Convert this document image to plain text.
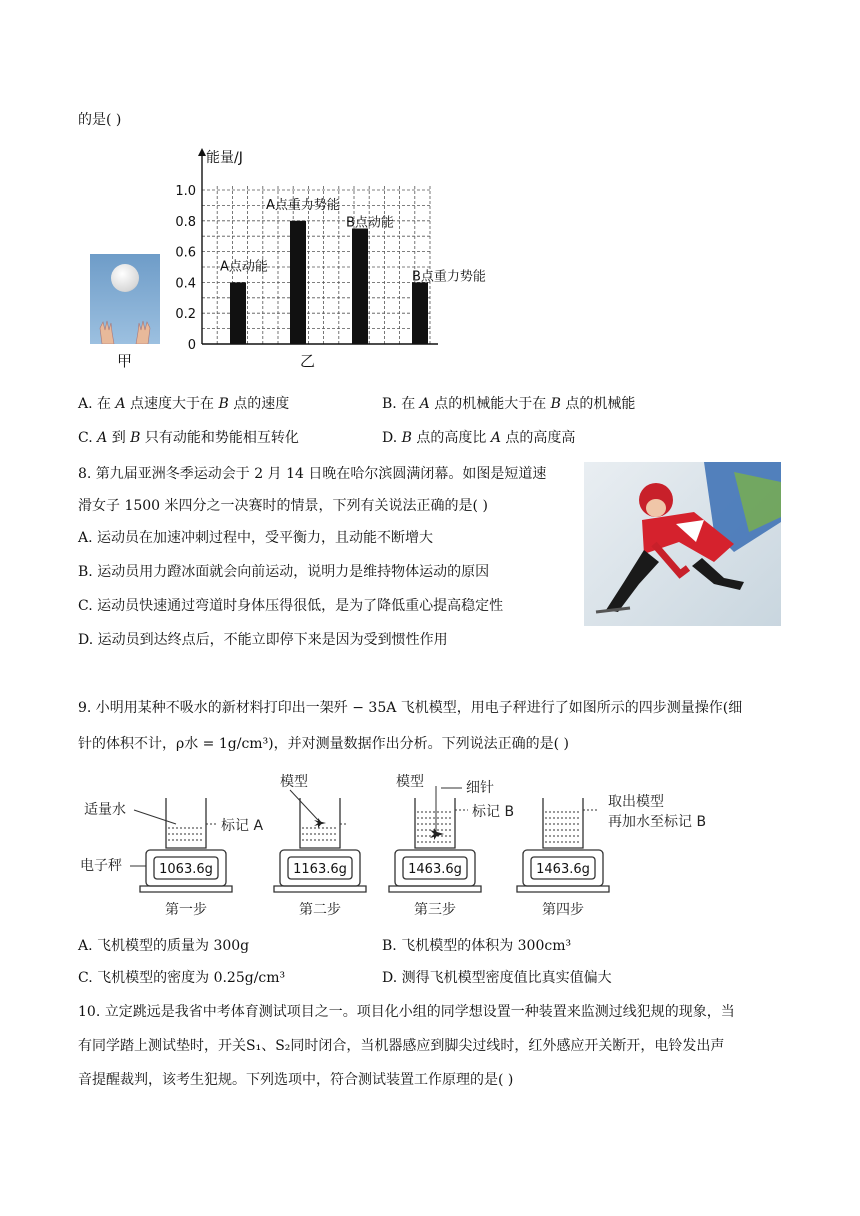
的是( )
甲
能量/J
0
0.2
0.4
0.6
0.8
1.0
A点动能
A点重力势能
B点动能
B点重力势能
乙
A. 在 A 点速度大于在 B 点的速度	B. 在 A 点的机械能大于在 B 点的机械能
C. A 到 B 只有动能和势能相互转化	D. B 点的高度比 A 点的高度高
8. 第九届亚洲冬季运动会于 2 月 14 日晚在哈尔滨圆满闭幕。如图是短道速
滑女子 1500 米四分之一决赛时的情景，下列有关说法正确的是( )
A. 运动员在加速冲刺过程中，受平衡力，且动能不断增大
B. 运动员用力蹬冰面就会向前运动，说明力是维持物体运动的原因
C. 运动员快速通过弯道时身体压得很低，是为了降低重心提高稳定性
D. 运动员到达终点后，不能立即停下来是因为受到惯性作用
9. 小明用某种不吸水的新材料打印出一架歼 − 35A 飞机模型，用电子秤进行了如图所示的四步测量操作(细
针的体积不计，ρ水 = 1g/cm³)，并对测量数据作出分析。下列说法正确的是( )
适量水
电子秤
标记 A
模型	模型	细针
标记 B
取出模型
再加水至标记 B
1063.6g	1163.6g	1463.6g	1463.6g
第一步	第二步	第三步	第四步
A. 飞机模型的质量为 300g	B. 飞机模型的体积为 300cm³
C. 飞机模型的密度为 0.25g/cm³	D. 测得飞机模型密度值比真实值偏大
10. 立定跳远是我省中考体育测试项目之一。项目化小组的同学想设置一种装置来监测过线犯规的现象，当
有同学踏上测试垫时，开关S₁、S₂同时闭合，当机器感应到脚尖过线时，红外感应开关断开，电铃发出声
音提醒裁判，该考生犯规。下列选项中，符合测试装置工作原理的是( )
